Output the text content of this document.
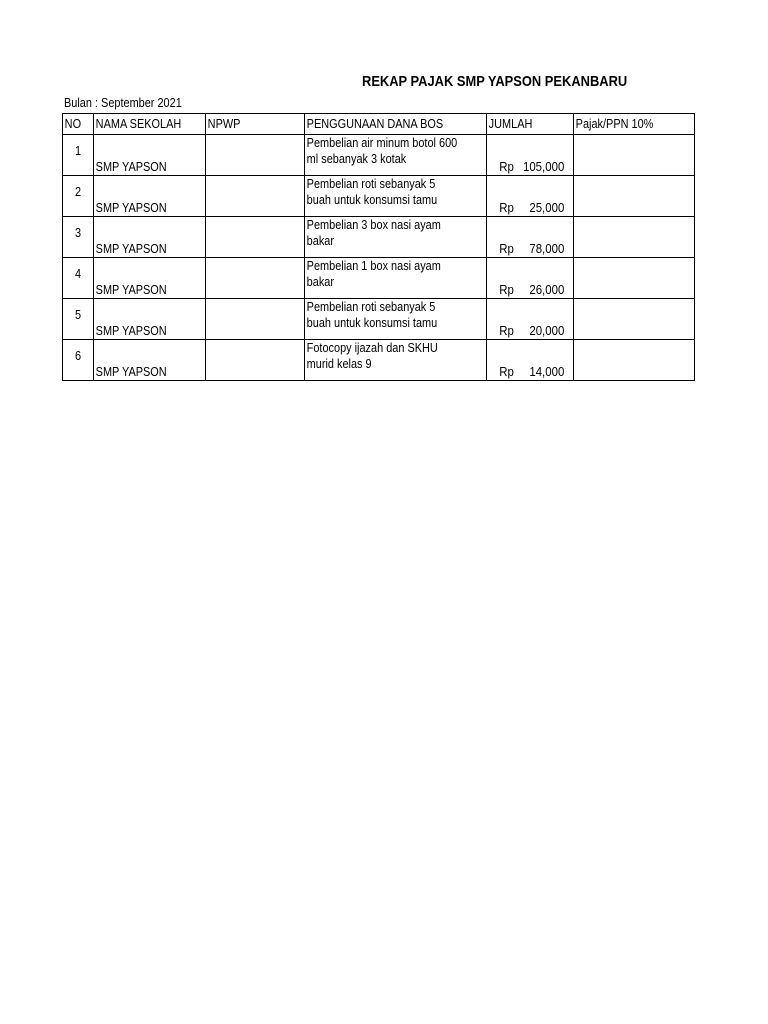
REKAP PAJAK SMP YAPSON PEKANBARU
Bulan : September 2021
NO	NAMA SEKOLAH	NPWP	PENGGUNAAN DANA BOS	JUMLAH	Pajak/PPN 10%

1	SMP YAPSON		Pembelian air minum botol 600
ml sebanyak 3 kotak	Rp 105,000	

2	SMP YAPSON		Pembelian roti sebanyak 5
buah untuk konsumsi tamu	Rp 25,000	

3	SMP YAPSON		Pembelian 3 box nasi ayam
bakar	Rp 78,000	

4	SMP YAPSON		Pembelian 1 box nasi ayam
bakar	Rp 26,000	

5	SMP YAPSON		Pembelian roti sebanyak 5
buah untuk konsumsi tamu	Rp 20,000	

6	SMP YAPSON		Fotocopy ijazah dan SKHU
murid kelas 9	Rp 14,000	
